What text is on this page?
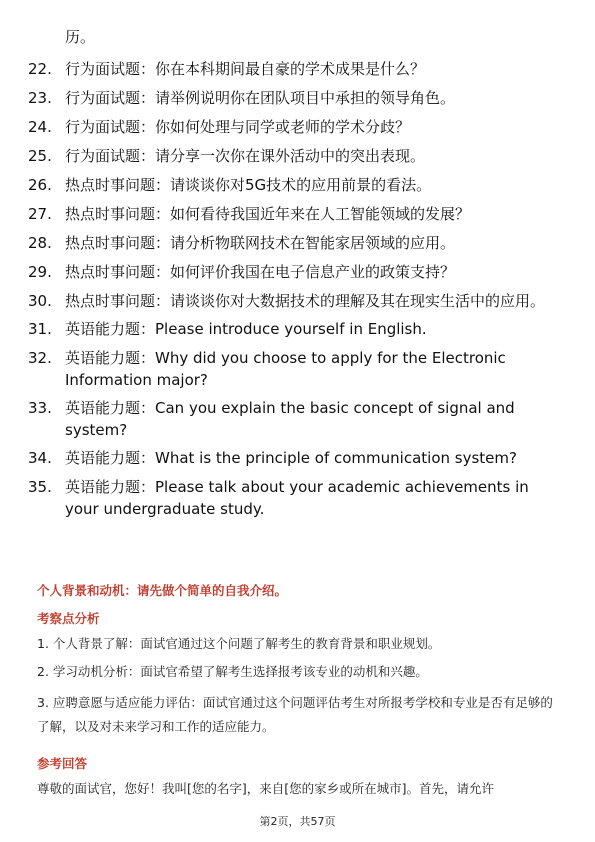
历。
22. 行为面试题：你在本科期间最自豪的学术成果是什么？
23. 行为面试题：请举例说明你在团队项目中承担的领导角色。
24. 行为面试题：你如何处理与同学或老师的学术分歧？
25. 行为面试题：请分享一次你在课外活动中的突出表现。
26. 热点时事问题：请谈谈你对5G技术的应用前景的看法。
27. 热点时事问题：如何看待我国近年来在人工智能领域的发展？
28. 热点时事问题：请分析物联网技术在智能家居领域的应用。
29. 热点时事问题：如何评价我国在电子信息产业的政策支持？
30. 热点时事问题：请谈谈你对大数据技术的理解及其在现实生活中的应用。
31. 英语能力题：Please introduce yourself in English.
32. 英语能力题：Why did you choose to apply for the Electronic Information major?
33. 英语能力题：Can you explain the basic concept of signal and system?
34. 英语能力题：What is the principle of communication system?
35. 英语能力题：Please talk about your academic achievements in your undergraduate study.
个人背景和动机：请先做个简单的自我介绍。
考察点分析
1. 个人背景了解：面试官通过这个问题了解考生的教育背景和职业规划。
2. 学习动机分析：面试官希望了解考生选择报考该专业的动机和兴趣。
3. 应聘意愿与适应能力评估：面试官通过这个问题评估考生对所报考学校和专业是否有足够的了解，以及对未来学习和工作的适应能力。
参考回答
尊敬的面试官，您好！我叫[您的名字]，来自[您的家乡或所在城市]。首先，请允许
第2页，共57页
